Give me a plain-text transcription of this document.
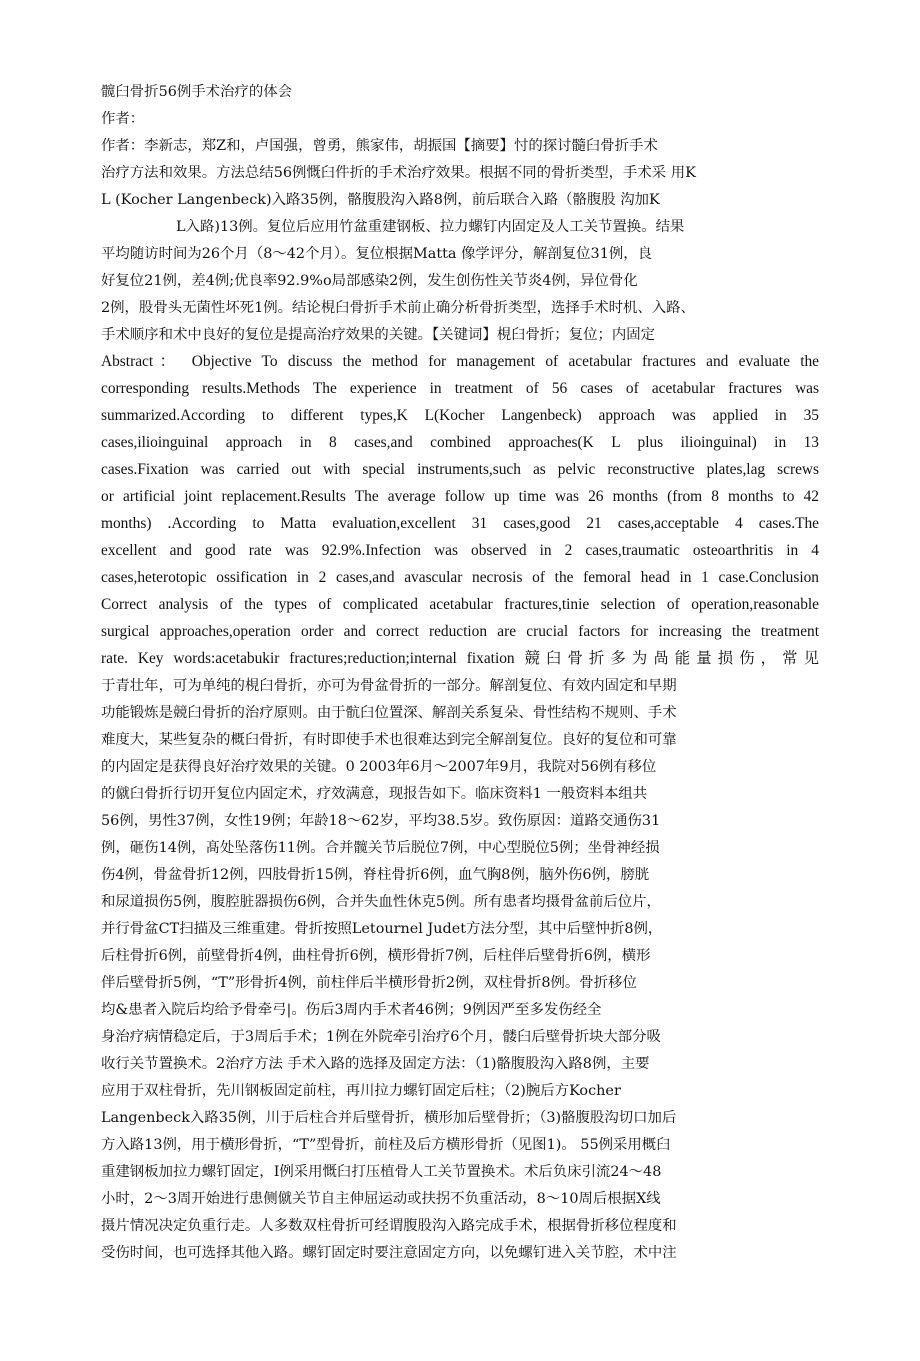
髋臼骨折56例手术治疗的体会
作者：
作者：李新志，郑Z和，卢国强，曾勇，熊家伟，胡振国【摘要】忖的探讨髓臼骨折手术
治疗方法和效果。方法总结56例慨臼件折的手术治疗效果。根据不同的骨折类型，手术采 用K
L (Kocher Langenbeck)入路35例，骼腹股沟入路8例，前后联合入路（骼腹股 沟加K
L入路)13例。复位后应用竹盆重建钢板、拉力螺钉内固定及人工关节置换。结果
平均随访时间为26个月（8〜42个月）。复位根据Matta 像学评分，解剖复位31例，良
好复位21例，差4例;优良率92.9%o局部感染2例，发生创伤性关节炎4例，异位骨化
2例，股骨头无菌性坏死1例。结论梘臼骨折手术前止确分析骨折类型，选择手术时机、入路、
手术顺序和术中良好的复位是提高治疗效果的关键。【关键词】梘臼骨折；复位；内固定
Abstract： Objective To discuss the method for management of acetabular fractures and evaluate the
corresponding results.Methods The experience in treatment of 56 cases of acetabular fractures was
summarized.According to different types,K L(Kocher Langenbeck) approach was applied in 35
cases,ilioinguinal approach in 8 cases,and combined approaches(K L plus ilioinguinal) in 13
cases.Fixation was carried out with special instruments,such as pelvic reconstructive plates,lag screws
or artificial joint replacement.Results The average follow up time was 26 months (from 8 months to 42
months) .According to Matta evaluation,excellent 31 cases,good 21 cases,acceptable 4 cases.The
excellent and good rate was 92.9%.Infection was observed in 2 cases,traumatic osteoarthritis in 4
cases,heterotopic ossification in 2 cases,and avascular necrosis of the femoral head in 1 case.Conclusion
Correct analysis of the types of complicated acetabular fractures,tinie selection of operation,reasonable
surgical approaches,operation order and correct reduction are crucial factors for increasing the treatment
rate. Key words:acetabukir fractures;reduction;internal fixation 競臼骨折多为咼能量损伤，常见
于青壮年，可为单纯的梘臼骨折，亦可为骨盆骨折的一部分。解剖复位、有效内固定和早期
功能锻炼是競臼骨折的治疗原则。由于骯臼位置深、解剖关系复朵、骨性结构不规则、手术
难度大，某些复杂的概臼骨折，有时即使手术也很难达到完全解剖复位。良好的复位和可靠
的内固定是获得良好治疗效果的关键。0 2003年6月〜2007年9月，我院对56例有移位
的僦臼骨折行切开复位内固定术，疗效满意，现报告如下。临床资料1 一般资料本组共
56例，男性37例，女性19例；年龄18〜62岁，平均38.5岁。致伤原因：道路交通伤31
例，砸伤14例，髙处坠落伤11例。合并髋关节后脱位7例，中心型脱位5例；坐骨神经损
伤4例，骨盆骨折12例，四肢骨折15例，脊柱骨折6例，血气胸8例，脑外伤6例，膀胱
和尿道损伤5例，腹腔脏器损伤6例，合并失血性休克5例。所有患者均摄骨盆前后位片，
并行骨盆CT扫描及三维重建。骨折按照Letournel Judet方法分型，其中后壁忡折8例，
后柱骨折6例，前壁骨折4例，曲柱骨折6例，横形骨折7例，后柱伴后壁骨折6例，横形
伴后壁骨折5例，“T”形骨折4例，前柱伴后半横形骨折2例，双柱骨折8例。骨折移位
均&患者入院后均给予骨牵弓|。伤后3周内手术者46例；9例因严至多发伤经全
身治疗病情稳定后，于3周后手术；1例在外院牵引治疗6个月，髅臼后壁骨折块大部分吸
收行关节置换术。2治疗方法 手术入路的选择及固定方法：（1)骼腹股沟入路8例，主要
应用于双柱骨折，先川钢板固定前柱，再川拉力螺钉固定后柱；（2)腕后方Kocher
Langenbeck入路35例，川于后柱合并后壁骨折，横形加后壁骨折；（3)骼腹股沟切口加后
方入路13例，用于横形骨折，“T”型骨折，前柱及后方横形骨折（见图1)。 55例采用概臼
重建钢板加拉力螺钉固定，I例采用慨臼打压植骨人工关节置换术。术后负床引流24〜48
小时，2〜3周开始进行患侧僦关节自主伸屈运动或扶拐不负重活动，8〜10周后根据X线
摄片情况决定负重行走。人多数双柱骨折可经谓腹股沟入路完成手术，根据骨折移位程度和
受伤时间，也可选择其他入路。螺钉固定时要注意固定方向，以免螺钉进入关节腔，术中注
